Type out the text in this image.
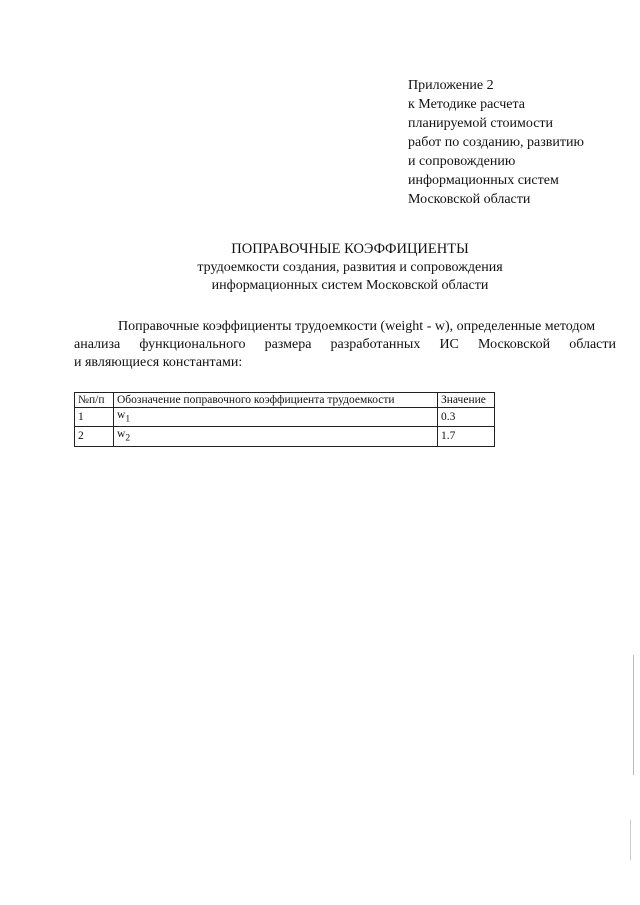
Приложение 2
к Методике расчета
планируемой стоимости
работ по созданию, развитию
и сопровождению
информационных систем
Московской области
ПОПРАВОЧНЫЕ КОЭФФИЦИЕНТЫ
трудоемкости создания, развития и сопровождения
информационных систем Московской области
Поправочные коэффициенты трудоемкости (weight - w), определенные методом
анализа функционального размера разработанных ИС Московской области
и являющиеся константами:
№п/п	Обозначение поправочного коэффициента трудоемкости	Значение
1	$w_1$	0.3
2	$w_2$	1.7
